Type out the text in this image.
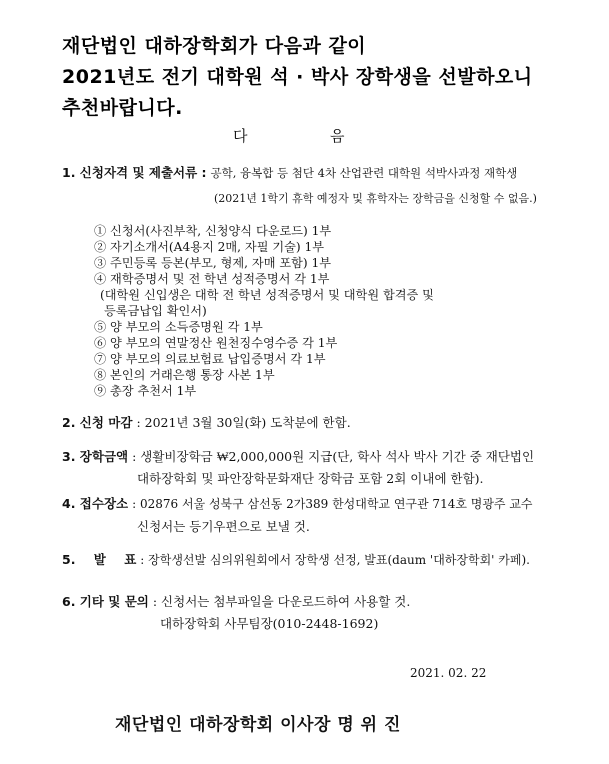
재단법인 대하장학회가 다음과 같이
2021년도 전기 대학원 석 · 박사 장학생을 선발하오니
추천바랍니다.
다	음
1. 신청자격 및 제출서류 : 공학, 융복합 등 첨단 4차 산업관련 대학원 석박사과정 재학생
(2021년 1학기 휴학 예정자 및 휴학자는 장학금을 신청할 수 없음.)
① 신청서(사진부착, 신청양식 다운로드) 1부
② 자기소개서(A4용지 2매, 자필 기술) 1부
③ 주민등록 등본(부모, 형제, 자매 포함) 1부
④ 재학증명서 및 전 학년 성적증명서 각 1부
(대학원 신입생은 대학 전 학년 성적증명서 및 대학원 합격증 및
등록금납입 확인서)
⑤ 양 부모의 소득증명원 각 1부
⑥ 양 부모의 연말정산 원천징수영수증 각 1부
⑦ 양 부모의 의료보험료 납입증명서 각 1부
⑧ 본인의 거래은행 통장 사본 1부
⑨ 총장 추천서 1부
2. 신청 마감 : 2021년 3월 30일(화) 도착분에 한함.
3. 장학금액 : 생활비장학금 ₩2,000,000원 지급(단, 학사 석사 박사 기간 중 재단법인
대하장학회 및 파안장학문화재단 장학금 포함 2회 이내에 한함).
4. 접수장소 : 02876 서울 성북구 삼선동 2가389 한성대학교 연구관 714호 명광주 교수
신청서는 등기우편으로 보낼 것.
5. 발 표 : 장학생선발 심의위원회에서 장학생 선정, 발표(daum '대하장학회' 카페).
6. 기타 및 문의 : 신청서는 첨부파일을 다운로드하여 사용할 것.
대하장학회 사무팀장(010-2448-1692)
2021. 02. 22
재단법인 대하장학회 이사장 명 위 진
